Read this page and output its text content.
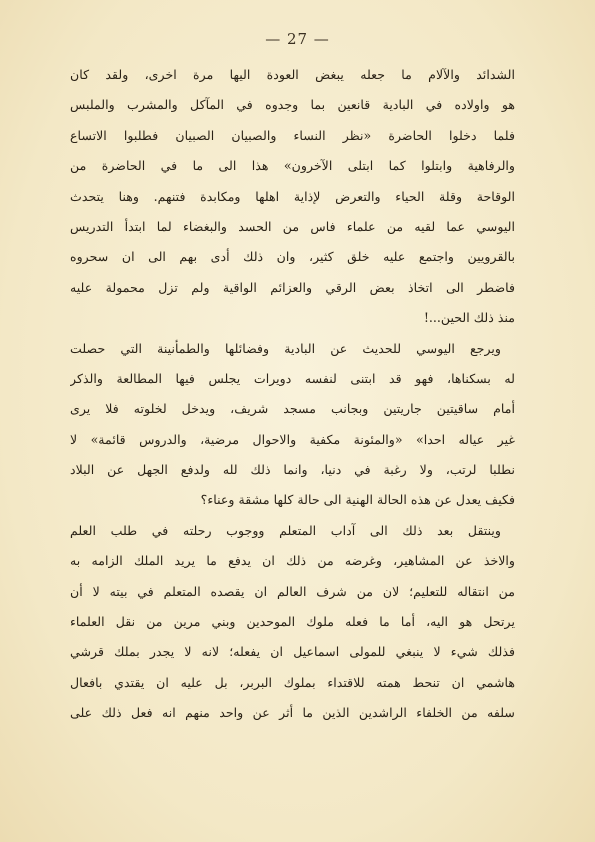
— 27 —
الشدائد والآلام ما جعله يبغض العودة اليها مرة اخرى، ولقد كان
هو واولاده في البادية قانعين بما وجدوه في المآكل والمشرب والملبس
فلما دخلوا الحاضرة «نظر النساء والصبيان الصبيان فطلبوا الاتساع
والرفاهية وابتلوا كما ابتلى الآخرون» هذا الى ما في الحاضرة من
الوقاحة وقلة الحياء والتعرض لإذاية اهلها ومكابدة فتنهم. وهنا يتحدث
اليوسي عما لقيه من علماء فاس من الحسد والبغضاء لما ابتدأ التدريس
بالقرويين واجتمع عليه خلق كثير، وان ذلك أدى بهم الى ان سحروه
فاضطر الى اتخاذ بعض الرقي والعزائم الواقية ولم تزل محمولة عليه
منذ ذلك الحين...!
ويرجع اليوسي للحديث عن البادية وفضائلها والطمأنينة التي حصلت
له بسكناها، فهو قد ابتنى لنفسه دويرات يجلس فيها المطالعة والذكر
أمام ساقيتين جاريتين وبجانب مسجد شريف، ويدخل لخلوته فلا يرى
غير عياله احدا» «والمئونة مكفية والاحوال مرضية، والدروس قائمة» لا
نطلبا لرتب، ولا رغبة في دنيا، وانما ذلك لله ولدفع الجهل عن البلاد
فكيف يعدل عن هذه الحالة الهنية الى حالة كلها مشقة وعناء؟
وينتقل بعد ذلك الى آداب المتعلم ووجوب رحلته في طلب العلم
والاخذ عن المشاهير، وغرضه من ذلك ان يدفع ما يريد الملك الزامه به
من انتقاله للتعليم؛ لان من شرف العالم ان يقصده المتعلم في بيته لا أن
يرتحل هو اليه، أما ما فعله ملوك الموحدين وبني مرين من نقل العلماء
فذلك شيء لا ينبغي للمولى اسماعيل ان يفعله؛ لانه لا يجدر بملك قرشي
هاشمي ان تنحط همته للاقتداء بملوك البربر، بل عليه ان يقتدي بافعال
سلفه من الخلفاء الراشدين الذين ما أثر عن واحد منهم انه فعل ذلك على
